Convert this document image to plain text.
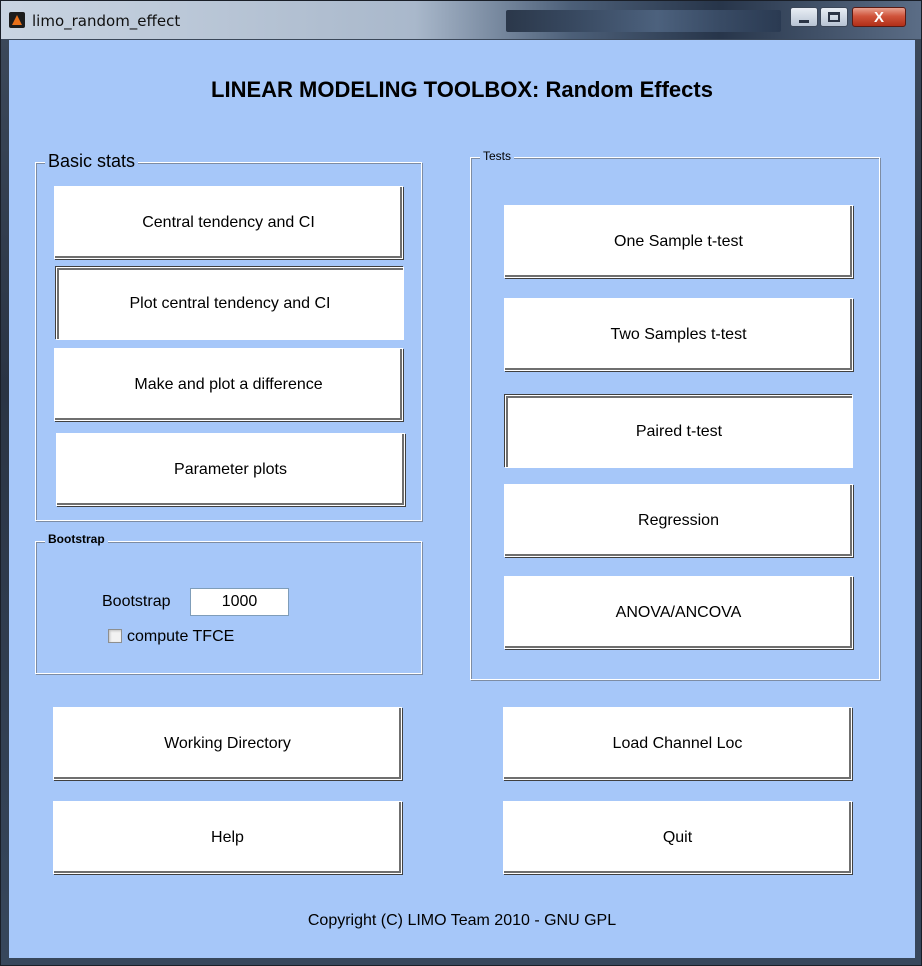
limo_random_effect	X
LINEAR MODELING TOOLBOX: Random Effects
Basic stats
Central tendency and CI
Plot central tendency and CI
Make and plot a difference
Parameter plots
Bootstrap
Bootstrap	1000
compute TFCE
Tests
One Sample t-test
Two Samples t-test
Paired t-test
Regression
ANOVA/ANCOVA
Working Directory	Load Channel Loc
Help	Quit
Copyright (C) LIMO Team 2010 - GNU GPL
